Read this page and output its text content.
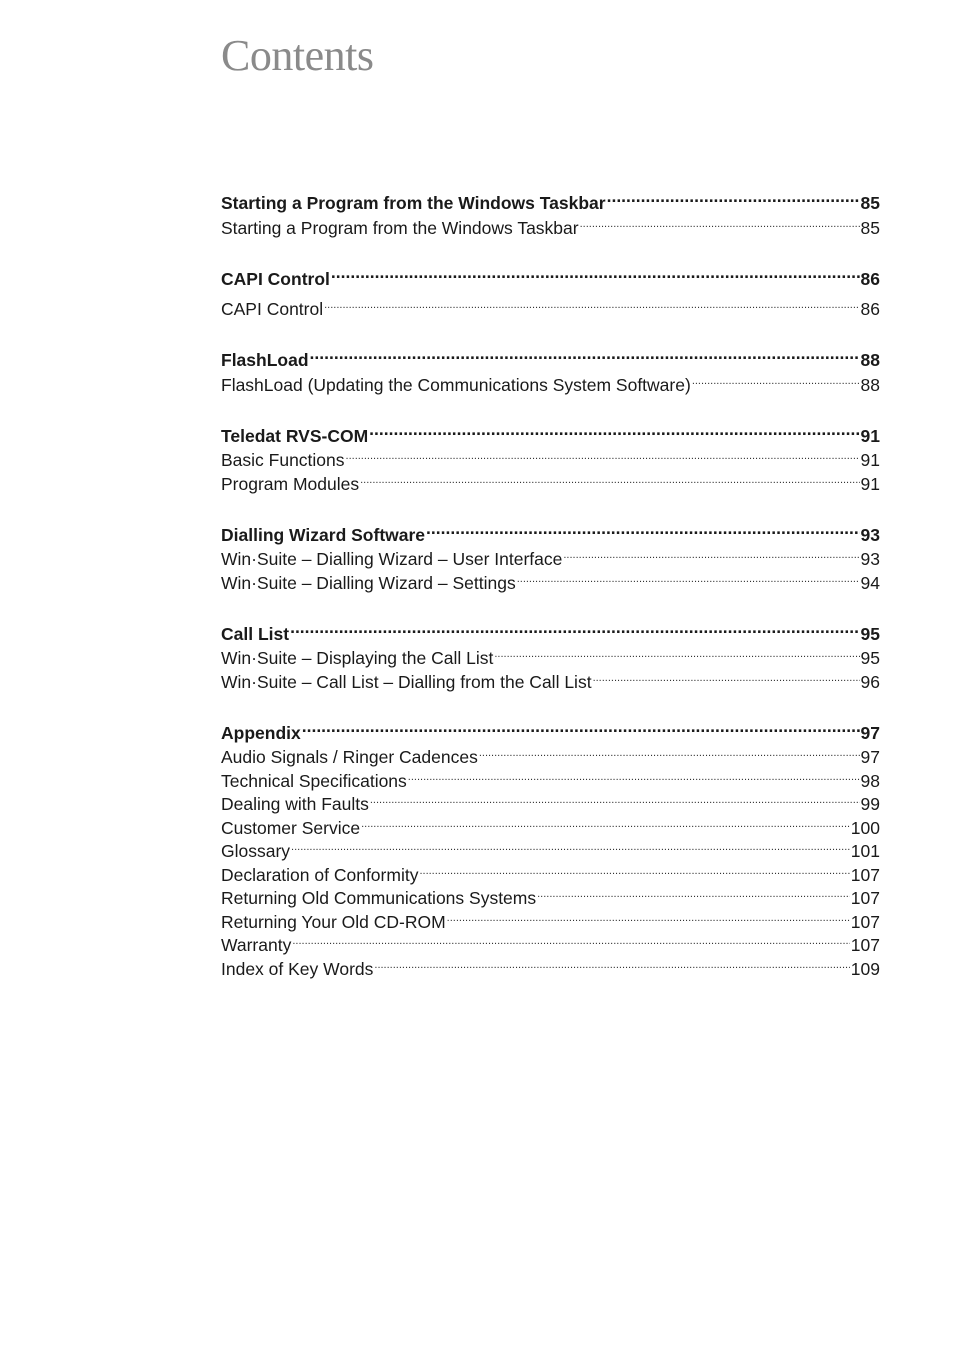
Contents
Starting a Program from the Windows Taskbar .....	85
Starting a Program from the Windows Taskbar .....	85
CAPI Control .....	86
CAPI Control .....	86
FlashLoad .....	88
FlashLoad (Updating the Communications System Software) .....	88
Teledat RVS-COM .....	91
Basic Functions .....	91
Program Modules .....	91
Dialling Wizard Software .....	93
Win·Suite – Dialling Wizard – User Interface .....	93
Win·Suite – Dialling Wizard – Settings .....	94
Call List .....	95
Win·Suite – Displaying the Call List .....	95
Win·Suite – Call List – Dialling from the Call List .....	96
Appendix .....	97
Audio Signals / Ringer Cadences .....	97
Technical Specifications .....	98
Dealing with Faults .....	99
Customer Service .....	100
Glossary .....	101
Declaration of Conformity .....	107
Returning Old Communications Systems .....	107
Returning Your Old CD-ROM .....	107
Warranty .....	107
Index of Key Words .....	109
